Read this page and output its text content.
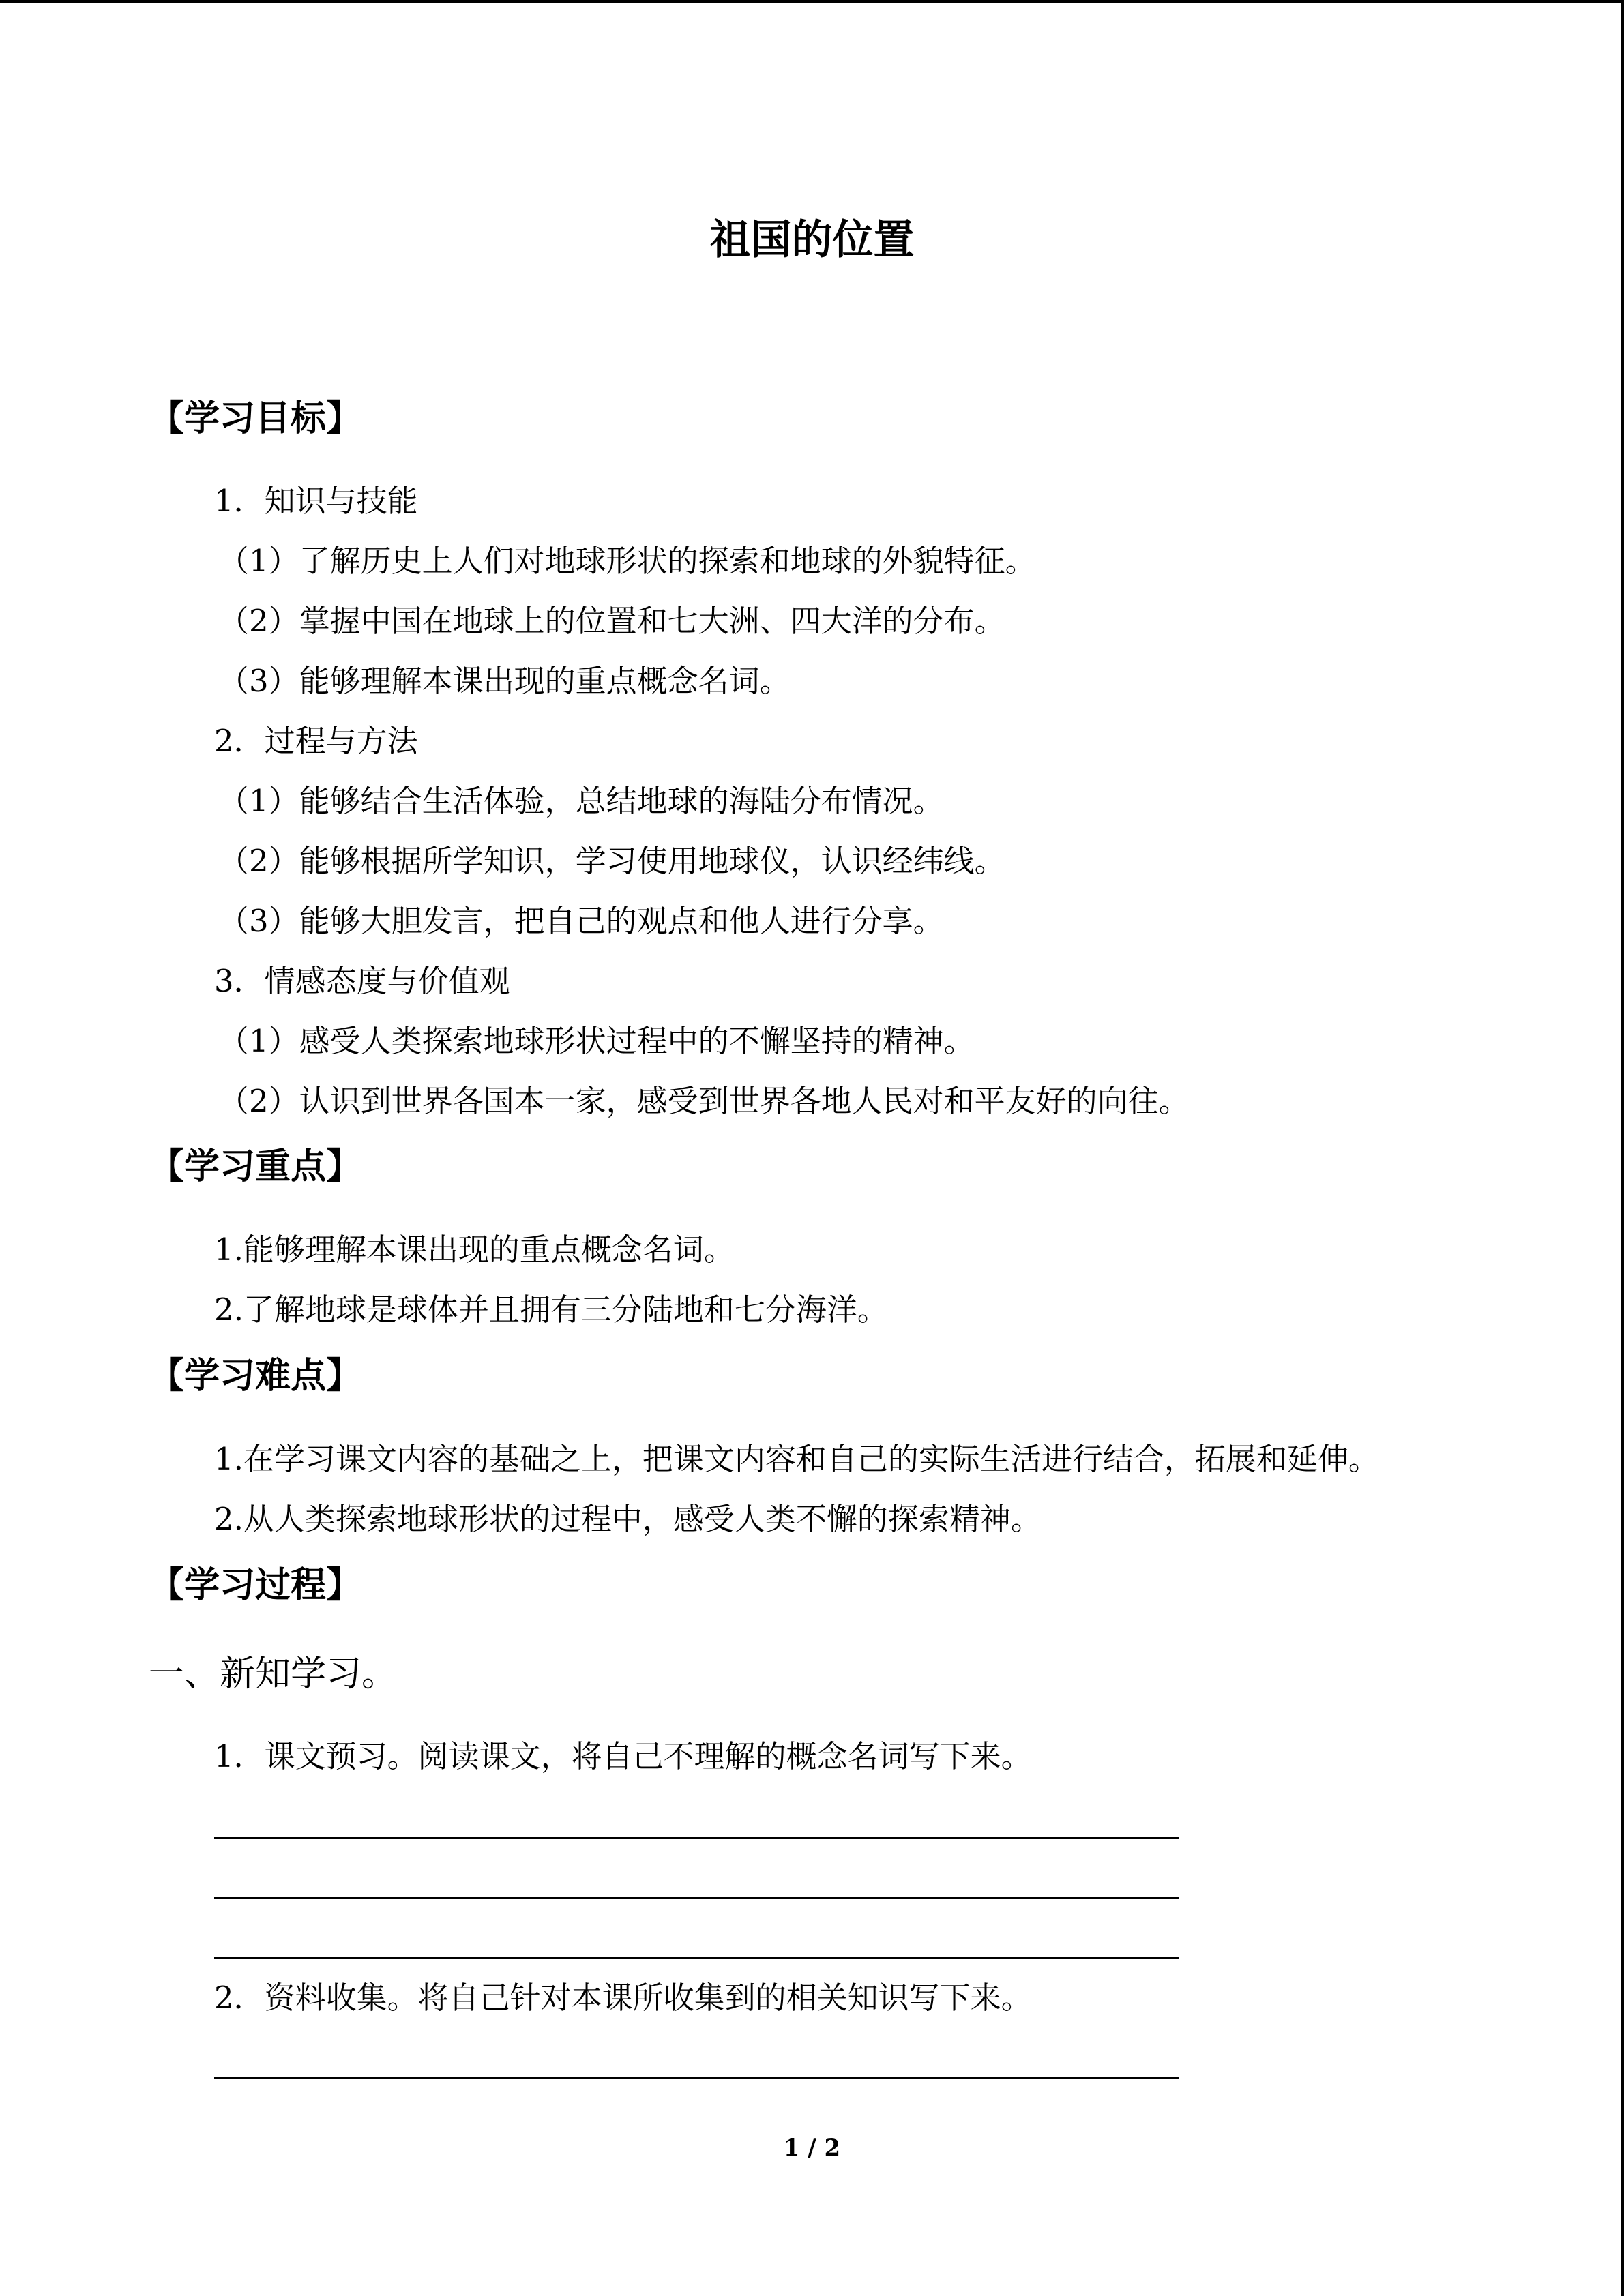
祖国的位置
【学习目标】
1．知识与技能
（1）了解历史上人们对地球形状的探索和地球的外貌特征。
（2）掌握中国在地球上的位置和七大洲、四大洋的分布。
（3）能够理解本课出现的重点概念名词。
2．过程与方法
（1）能够结合生活体验，总结地球的海陆分布情况。
（2）能够根据所学知识，学习使用地球仪，认识经纬线。
（3）能够大胆发言，把自己的观点和他人进行分享。
3．情感态度与价值观
（1）感受人类探索地球形状过程中的不懈坚持的精神。
（2）认识到世界各国本一家，感受到世界各地人民对和平友好的向往。
【学习重点】
1.能够理解本课出现的重点概念名词。
2.了解地球是球体并且拥有三分陆地和七分海洋。
【学习难点】
1.在学习课文内容的基础之上，把课文内容和自己的实际生活进行结合，拓展和延伸。
2.从人类探索地球形状的过程中，感受人类不懈的探索精神。
【学习过程】
一、新知学习。
1．课文预习。阅读课文，将自己不理解的概念名词写下来。
2．资料收集。将自己针对本课所收集到的相关知识写下来。
1 / 2
